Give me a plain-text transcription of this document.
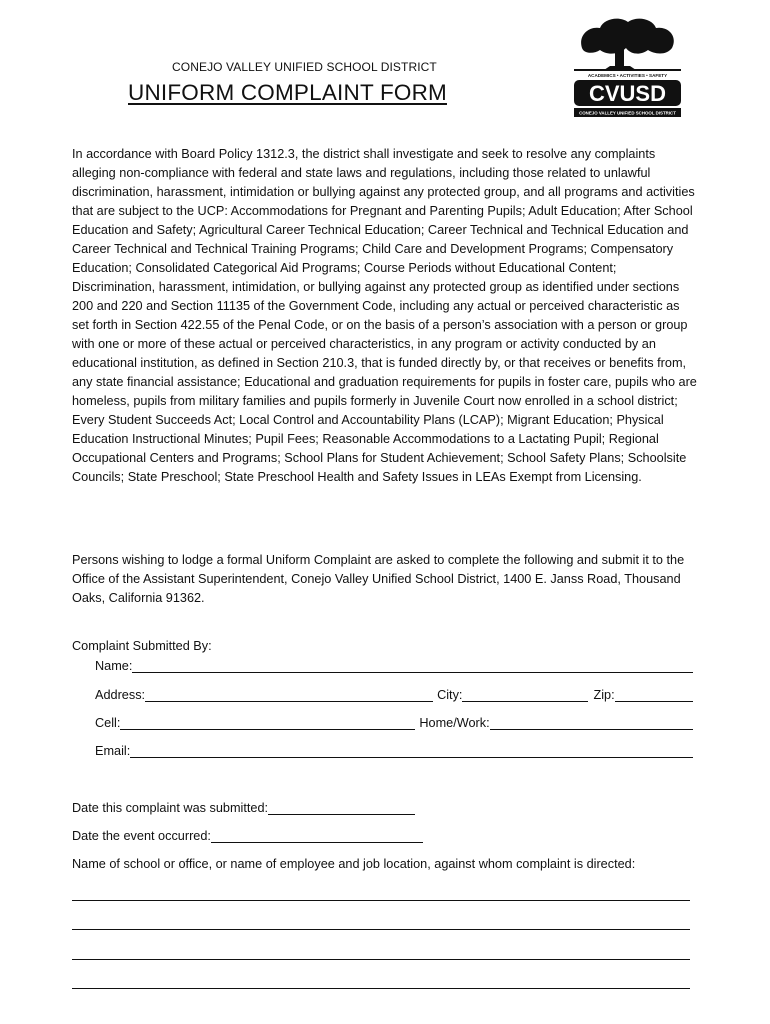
CONEJO VALLEY UNIFIED SCHOOL DISTRICT
UNIFORM COMPLAINT FORM
ACADEMICS • ACTIVITIES • SAFETY
CVUSD
CONEJO VALLEY UNIFIED SCHOOL DISTRICT

In accordance with Board Policy 1312.3, the district shall investigate and seek to resolve any complaints alleging non-compliance with federal and state laws and regulations, including those related to unlawful discrimination, harassment, intimidation or bullying against any protected group, and all programs and activities that are subject to the UCP: Accommodations for Pregnant and Parenting Pupils; Adult Education; After School Education and Safety; Agricultural Career Technical Education; Career Technical and Technical Education and Career Technical and Technical Training Programs; Child Care and Development Programs; Compensatory Education; Consolidated Categorical Aid Programs; Course Periods without Educational Content; Discrimination, harassment, intimidation, or bullying against any protected group as identified under sections 200 and 220 and Section 11135 of the Government Code, including any actual or perceived characteristic as set forth in Section 422.55 of the Penal Code, or on the basis of a person’s association with a person or group with one or more of these actual or perceived characteristics, in any program or activity conducted by an educational institution, as defined in Section 210.3, that is funded directly by, or that receives or benefits from, any state financial assistance; Educational and graduation requirements for pupils in foster care, pupils who are homeless, pupils from military families and pupils formerly in Juvenile Court now enrolled in a school district; Every Student Succeeds Act; Local Control and Accountability Plans (LCAP); Migrant Education; Physical Education Instructional Minutes; Pupil Fees; Reasonable Accommodations to a Lactating Pupil; Regional Occupational Centers and Programs; School Plans for Student Achievement; School Safety Plans; Schoolsite Councils; State Preschool; State Preschool Health and Safety Issues in LEAs Exempt from Licensing.

Persons wishing to lodge a formal Uniform Complaint are asked to complete the following and submit it to the Office of the Assistant Superintendent, Conejo Valley Unified School District, 1400 E. Janss Road, Thousand Oaks, California 91362.

Complaint Submitted By:
Name:
Address:	City:	Zip:
Cell:	Home/Work:
Email:
Date this complaint was submitted:
Date the event occurred:
Name of school or office, or name of employee and job location, against whom complaint is directed:
